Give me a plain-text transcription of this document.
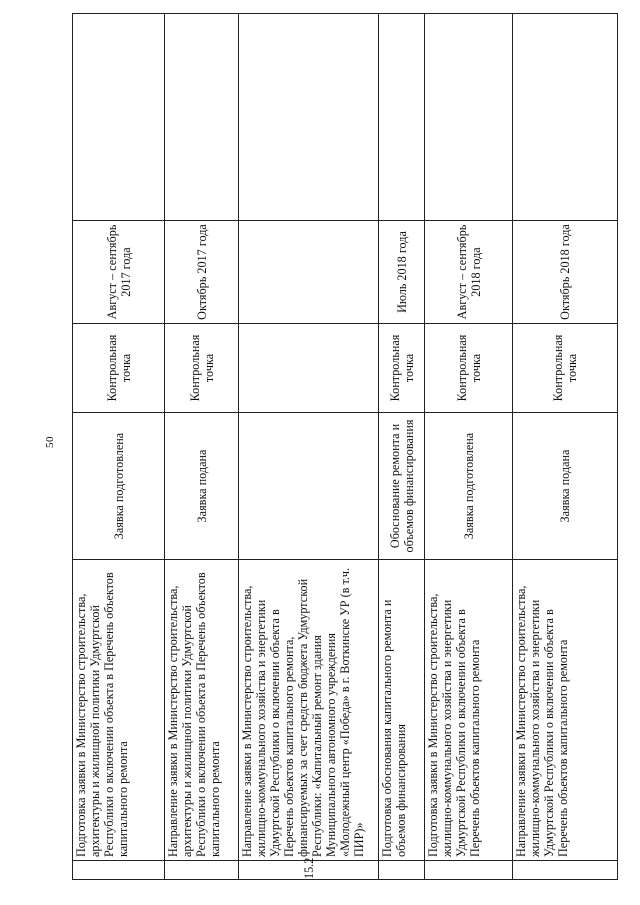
50
	Подготовка заявки в Министерство строительства, архитектуры и жилищной политики Удмуртской Республики о включении объекта в Перечень объектов капитального ремонта	Заявка подготовлена	Контрольная точка	Август – сентябрь 2017 года	
	Направление заявки в Министерство строительства, архитектуры и жилищной политики Удмуртской Республики о включении объекта в Перечень объектов капитального ремонта	Заявка подана	Контрольная точка	Октябрь 2017 года	
15.2	Направление заявки в Министерство строительства, жилищно-коммунального хозяйства и энергетики Удмуртской Республики о включении объекта в Перечень объектов капитального ремонта, финансируемых за счет средств бюджета Удмуртской Республики: «Капитальный ремонт здания Муниципального автономного учреждения «Молодежный центр «Победа» в г. Воткинске УР (в т.ч. ПИР)»				
	Подготовка обоснования капитального ремонта и объемов финансирования	Обоснование ремонта и объемов финансирования	Контрольная точка	Июль 2018 года	
	Подготовка заявки в Министерство строительства, жилищно-коммунального хозяйства и энергетики Удмуртской Республики о включении объекта в Перечень объектов капитального ремонта	Заявка подготовлена	Контрольная точка	Август – сентябрь 2018 года	
	Направление заявки в Министерство строительства, жилищно-коммунального хозяйства и энергетики Удмуртской Республики о включении объекта в Перечень объектов капитального ремонта	Заявка подана	Контрольная точка	Октябрь 2018 года	
